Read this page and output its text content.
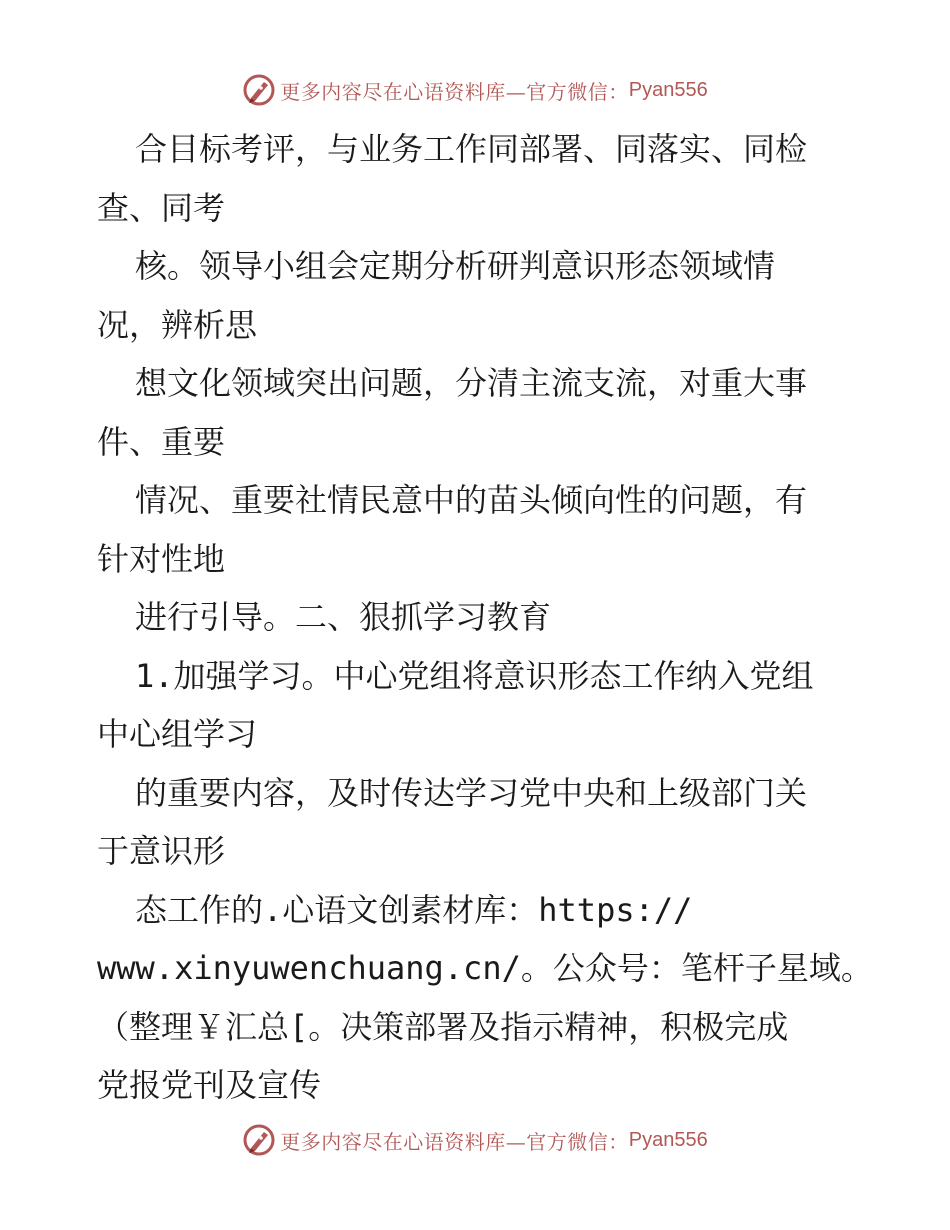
更多内容尽在心语资料库—官方微信： Pyan556
合目标考评，与业务工作同部署、同落实、同检
查、同考
核。领导小组会定期分析研判意识形态领域情
况，辨析思
想文化领域突出问题，分清主流支流，对重大事
件、重要
情况、重要社情民意中的苗头倾向性的问题，有
针对性地
进行引导。二、狠抓学习教育
1.加强学习。中心党组将意识形态工作纳入党组
中心组学习
的重要内容，及时传达学习党中央和上级部门关
于意识形
态工作的.心语文创素材库：https://
www.xinyuwenchuang.cn/。公众号：笔杆子星域。
（整理￥汇总[。决策部署及指示精神，积极完成
党报党刊及宣传
更多内容尽在心语资料库—官方微信： Pyan556
